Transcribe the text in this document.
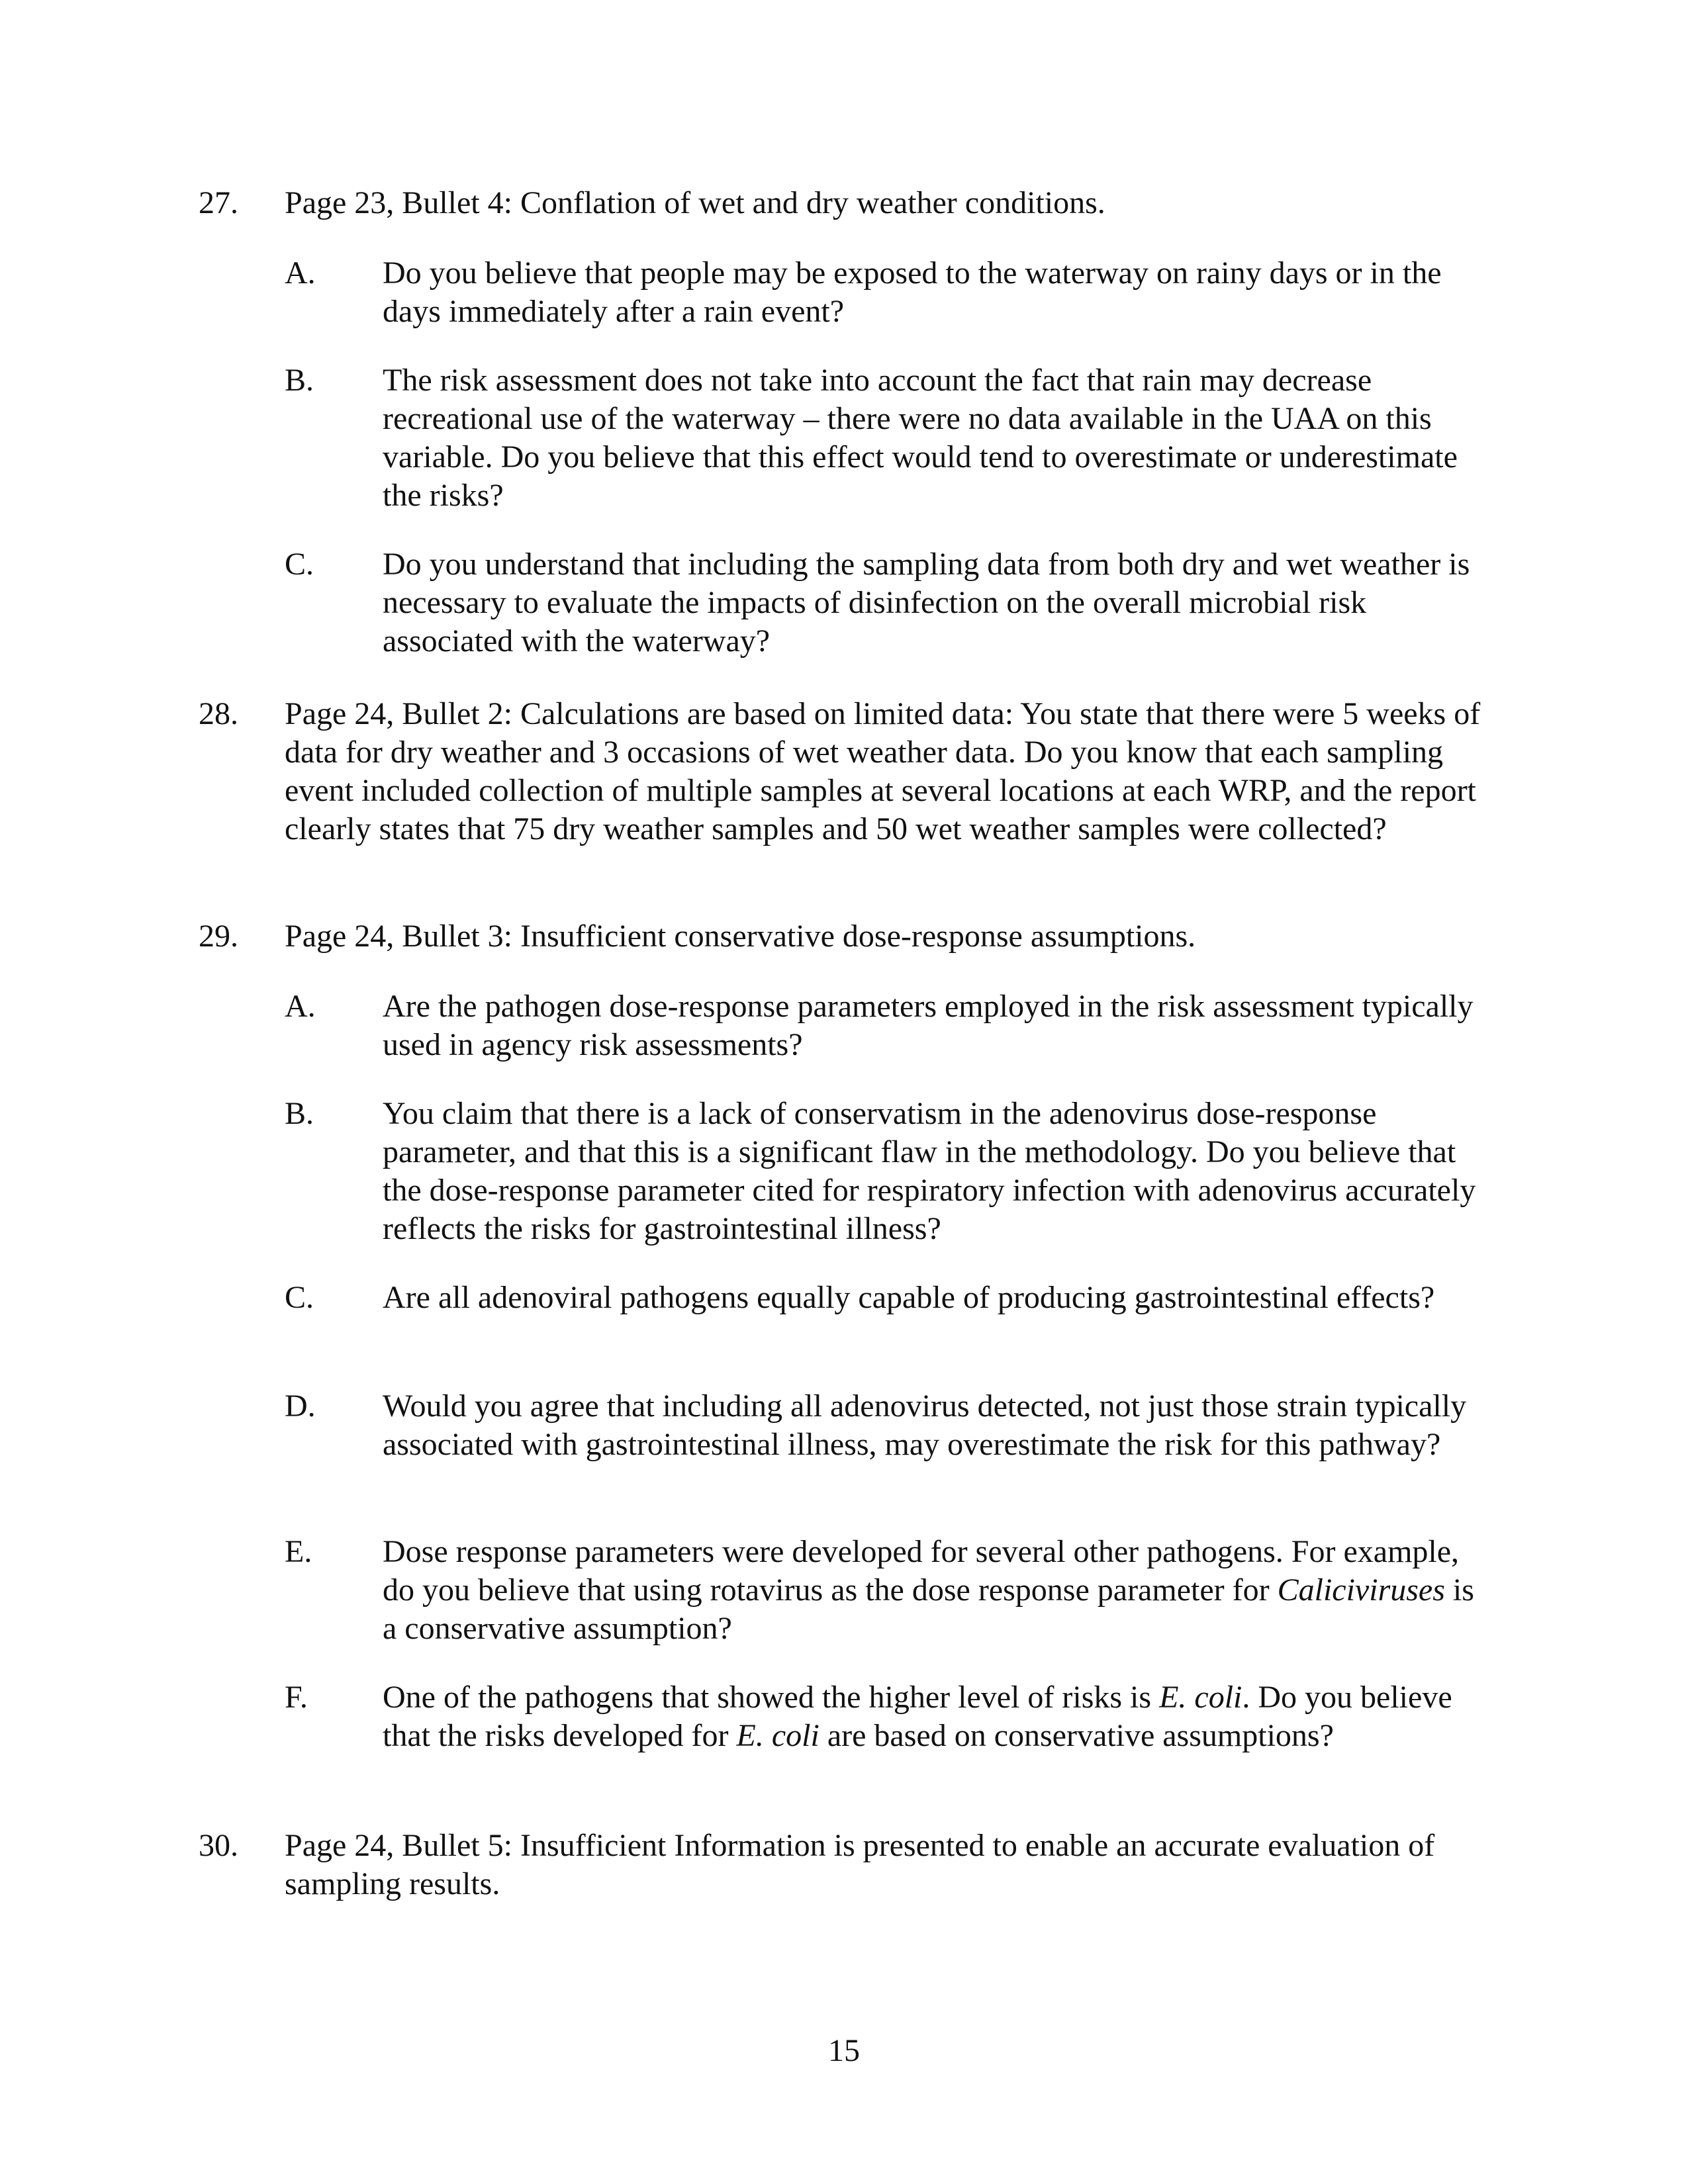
27. Page 23, Bullet 4: Conflation of wet and dry weather conditions.
A. Do you believe that people may be exposed to the waterway on rainy days or in the days immediately after a rain event?
B. The risk assessment does not take into account the fact that rain may decrease recreational use of the waterway – there were no data available in the UAA on this variable. Do you believe that this effect would tend to overestimate or underestimate the risks?
C. Do you understand that including the sampling data from both dry and wet weather is necessary to evaluate the impacts of disinfection on the overall microbial risk associated with the waterway?
28. Page 24, Bullet 2: Calculations are based on limited data: You state that there were 5 weeks of data for dry weather and 3 occasions of wet weather data. Do you know that each sampling event included collection of multiple samples at several locations at each WRP, and the report clearly states that 75 dry weather samples and 50 wet weather samples were collected?
29. Page 24, Bullet 3: Insufficient conservative dose-response assumptions.
A. Are the pathogen dose-response parameters employed in the risk assessment typically used in agency risk assessments?
B. You claim that there is a lack of conservatism in the adenovirus dose-response parameter, and that this is a significant flaw in the methodology. Do you believe that the dose-response parameter cited for respiratory infection with adenovirus accurately reflects the risks for gastrointestinal illness?
C. Are all adenoviral pathogens equally capable of producing gastrointestinal effects?
D. Would you agree that including all adenovirus detected, not just those strain typically associated with gastrointestinal illness, may overestimate the risk for this pathway?
E. Dose response parameters were developed for several other pathogens. For example, do you believe that using rotavirus as the dose response parameter for Caliciviruses is a conservative assumption?
F. One of the pathogens that showed the higher level of risks is E. coli. Do you believe that the risks developed for E. coli are based on conservative assumptions?
30. Page 24, Bullet 5: Insufficient Information is presented to enable an accurate evaluation of sampling results.
15
